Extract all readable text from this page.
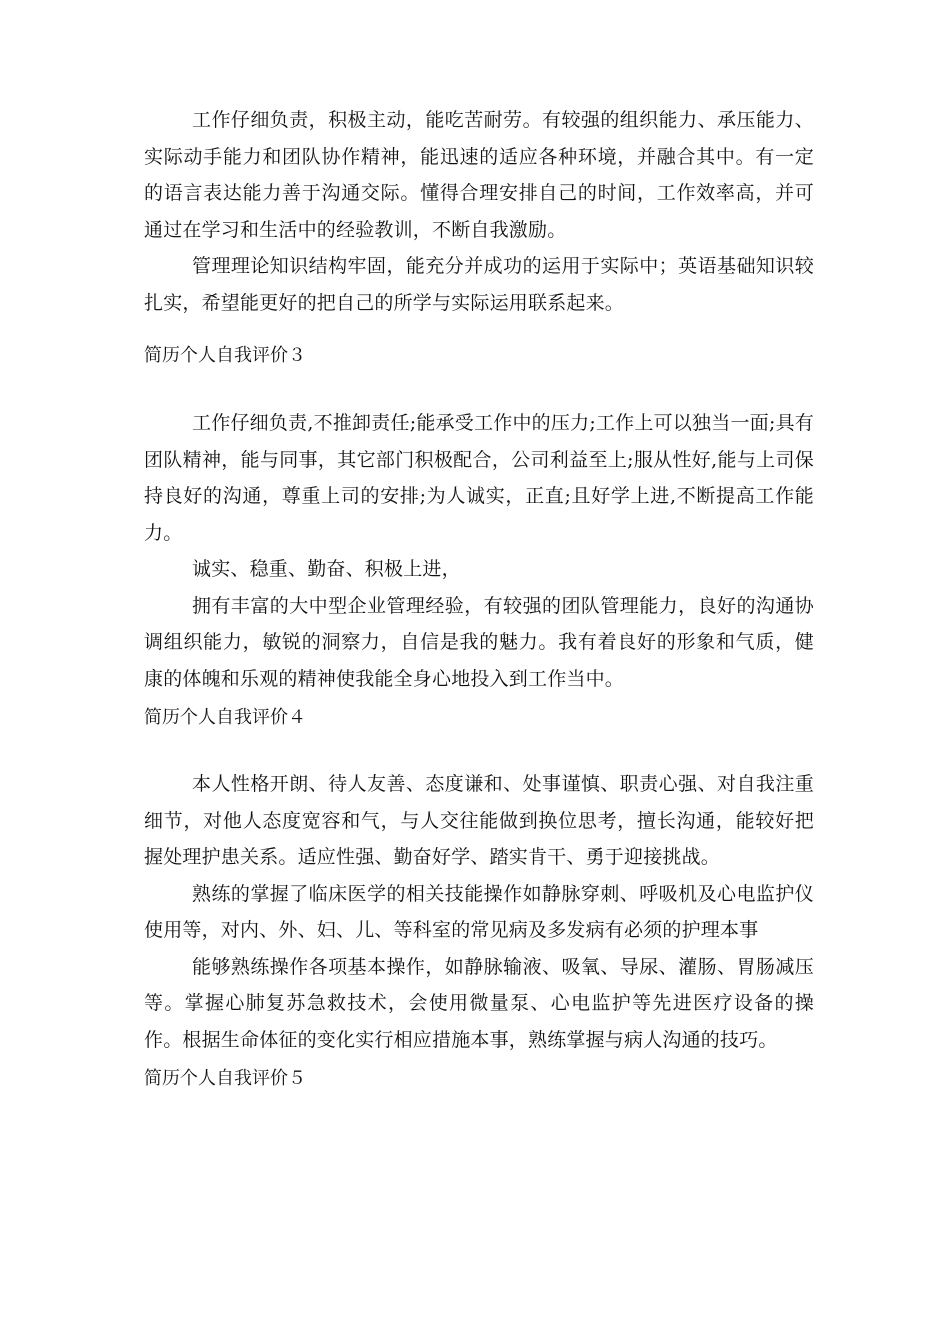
工作仔细负责，积极主动，能吃苦耐劳。有较强的组织能力、承压能力、实际动手能力和团队协作精神，能迅速的适应各种环境，并融合其中。有一定的语言表达能力善于沟通交际。懂得合理安排自己的时间，工作效率高，并可通过在学习和生活中的经验教训，不断自我激励。

管理理论知识结构牢固，能充分并成功的运用于实际中；英语基础知识较扎实，希望能更好的把自己的所学与实际运用联系起来。

简历个人自我评价３

工作仔细负责,不推卸责任;能承受工作中的压力;工作上可以独当一面;具有团队精神，能与同事，其它部门积极配合，公司利益至上;服从性好,能与上司保持良好的沟通，尊重上司的安排;为人诚实，正直;且好学上进,不断提高工作能力。

诚实、稳重、勤奋、积极上进，

拥有丰富的大中型企业管理经验，有较强的团队管理能力，良好的沟通协调组织能力，敏锐的洞察力，自信是我的魅力。我有着良好的形象和气质，健康的体魄和乐观的精神使我能全身心地投入到工作当中。

简历个人自我评价４

本人性格开朗、待人友善、态度谦和、处事谨慎、职责心强、对自我注重细节，对他人态度宽容和气，与人交往能做到换位思考，擅长沟通，能较好把握处理护患关系。适应性强、勤奋好学、踏实肯干、勇于迎接挑战。

熟练的掌握了临床医学的相关技能操作如静脉穿刺、呼吸机及心电监护仪使用等，对内、外、妇、儿、等科室的常见病及多发病有必须的护理本事

能够熟练操作各项基本操作，如静脉输液、吸氧、导尿、灌肠、胃肠减压等。掌握心肺复苏急救技术，会使用微量泵、心电监护等先进医疗设备的操作。根据生命体征的变化实行相应措施本事，熟练掌握与病人沟通的技巧。

简历个人自我评价５
